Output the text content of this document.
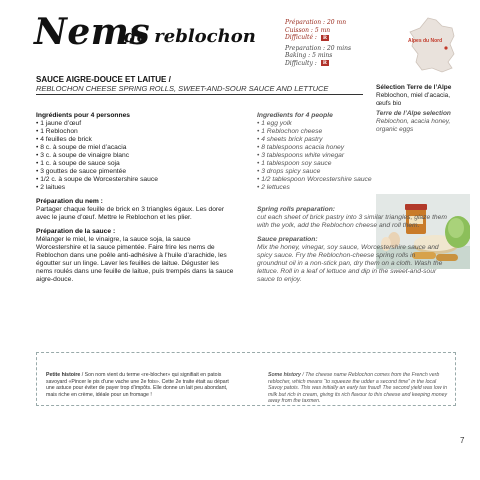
Nems
de reblochon
Préparation : 20 mn
Cuisson : 5 mn
Difficulté : R
Preparation : 20 mins
Baking : 5 mins
Difficulty : R
Alpes du Nord
SAUCE AIGRE-DOUCE ET LAITUE /
REBLOCHON CHEESE SPRING ROLLS, SWEET-AND-SOUR SAUCE AND LETTUCE	Sélection Terre de l’Alpe
Reblochon, miel d’acacia, œufs bio
Terre de l’Alpe selection
Reblochon, acacia honey, organic eggs
Ingrédients pour 4 personnes
• 1 jaune d’œuf
• 1 Reblochon
• 4 feuilles de brick
• 8 c. à soupe de miel d’acacia
• 3 c. à soupe de vinaigre blanc
• 1 c. à soupe de sauce soja
• 3 gouttes de sauce pimentée
• 1/2 c. à soupe de Worcestershire sauce
• 2 laitues
Préparation du nem :

Partager chaque feuille de brick en 3 triangles égaux. Les dorer avec le jaune d’œuf. Mettre le Reblochon et les plier.

Préparation de la sauce :

Mélanger le miel, le vinaigre, la sauce soja, la sauce Worcestershire et la sauce pimentée. Faire frire les nems de Reblochon dans une poêle anti-adhésive à l’huile d’arachide, les égoutter sur un linge. Laver les feuilles de laitue. Déguster les nems roulés dans une feuille de laitue, puis trempés dans la sauce aigre-douce.

Ingredients for 4 people
• 1 egg yolk
• 1 Reblochon cheese
• 4 sheets brick pastry
• 8 tablespoons acacia honey
• 3 tablespoons white vinegar
• 1 tablespoon soy sauce
• 3 drops spicy sauce
• 1/2 tablespoon Worcestershire sauce
• 2 lettuces
Spring rolls preparation:

cut each sheet of brick pastry into 3 similar triangles, glaze them with the yolk, add the Reblochon cheese and roll them.

Sauce preparation:

Mix the honey, vinegar, soy sauce, Worcestershire sauce and spicy sauce. Fry the Reblochon-cheese spring rolls in groundnut oil in a non-stick pan, dry them on a cloth. Wash the lettuce. Roll in a leaf of lettuce and dip in the sweet-and-sour sauce to enjoy.

Petite histoire / Son nom vient du terme «re-blocher» qui signifiait en patois savoyard «Pincer le pis d’une vache une 2e fois». Cette 2e traite était au départ une astuce pour éviter de payer trop d’impôts. Elle donne un lait peu abondant, mais riche en crème, idéale pour un fromage !
Some history / The cheese name Reblochon comes from the French verb reblocher, which means “to squeeze the udder a second time” in the local Savoy patois. This was initially an early tax fraud! The second yield was low in milk but rich in cream, giving its rich flavour to this cheese and keeping money away from the taxmen.
7
